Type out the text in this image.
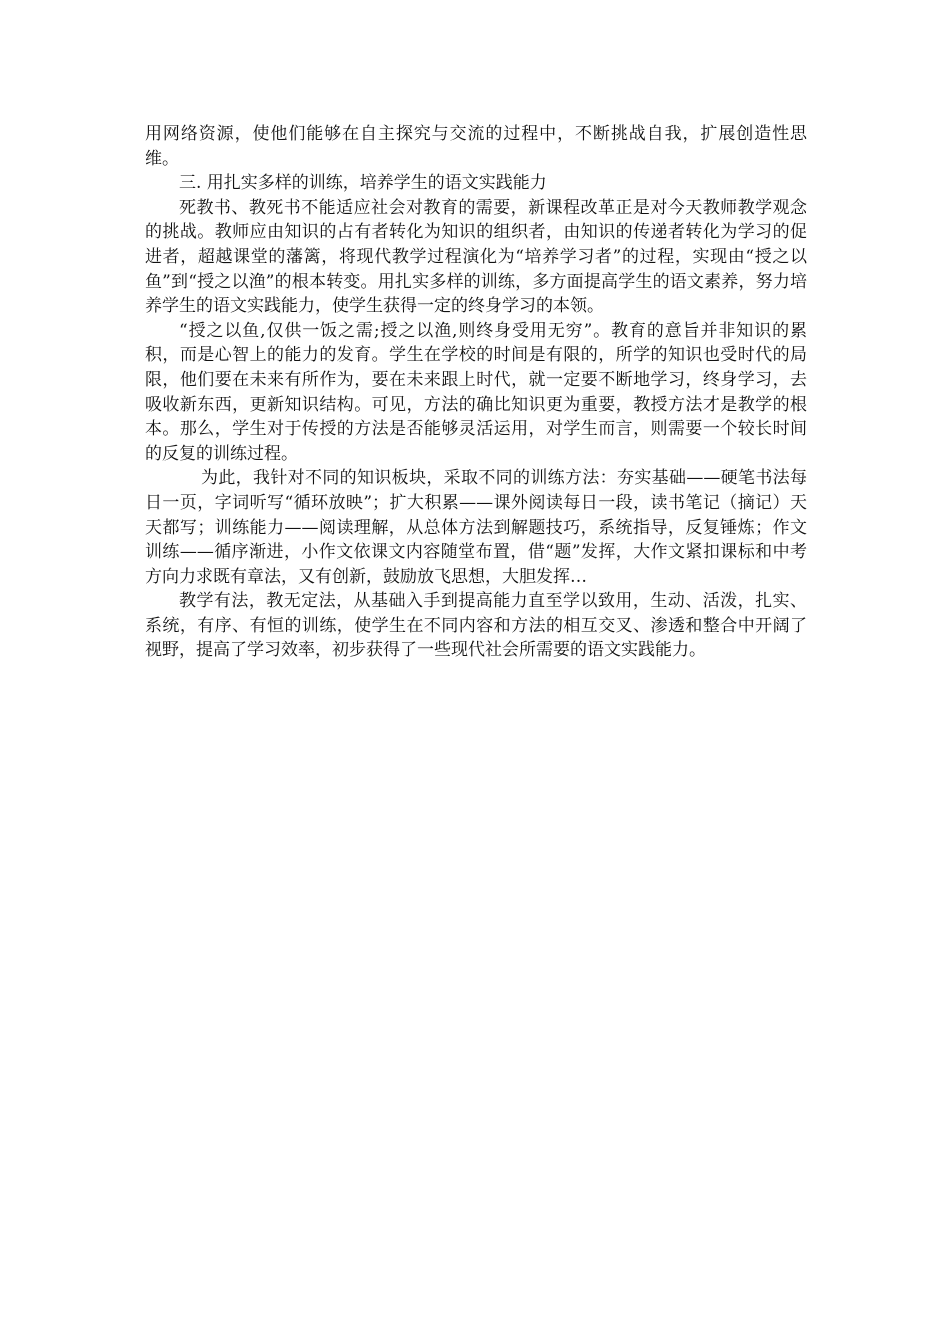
用网络资源，使他们能够在自主探究与交流的过程中，不断挑战自我，扩展创造性思维。

三. 用扎实多样的训练，培养学生的语文实践能力

死教书、教死书不能适应社会对教育的需要，新课程改革正是对今天教师教学观念的挑战。教师应由知识的占有者转化为知识的组织者，由知识的传递者转化为学习的促进者，超越课堂的藩篱，将现代教学过程演化为“培养学习者”的过程，实现由“授之以鱼”到“授之以渔”的根本转变。用扎实多样的训练，多方面提高学生的语文素养，努力培养学生的语文实践能力，使学生获得一定的终身学习的本领。

“授之以鱼,仅供一饭之需;授之以渔,则终身受用无穷”。教育的意旨并非知识的累积，而是心智上的能力的发育。学生在学校的时间是有限的，所学的知识也受时代的局限，他们要在未来有所作为，要在未来跟上时代，就一定要不断地学习，终身学习，去吸收新东西，更新知识结构。可见，方法的确比知识更为重要，教授方法才是教学的根本。那么，学生对于传授的方法是否能够灵活运用，对学生而言，则需要一个较长时间的反复的训练过程。

为此，我针对不同的知识板块，采取不同的训练方法：夯实基础——硬笔书法每日一页，字词听写“循环放映”；扩大积累——课外阅读每日一段，读书笔记（摘记）天天都写；训练能力——阅读理解，从总体方法到解题技巧，系统指导，反复锤炼；作文训练——循序渐进，小作文依课文内容随堂布置，借“题”发挥，大作文紧扣课标和中考方向力求既有章法，又有创新，鼓励放飞思想，大胆发挥…

教学有法，教无定法，从基础入手到提高能力直至学以致用，生动、活泼，扎实、系统，有序、有恒的训练，使学生在不同内容和方法的相互交叉、渗透和整合中开阔了视野，提高了学习效率，初步获得了一些现代社会所需要的语文实践能力。
